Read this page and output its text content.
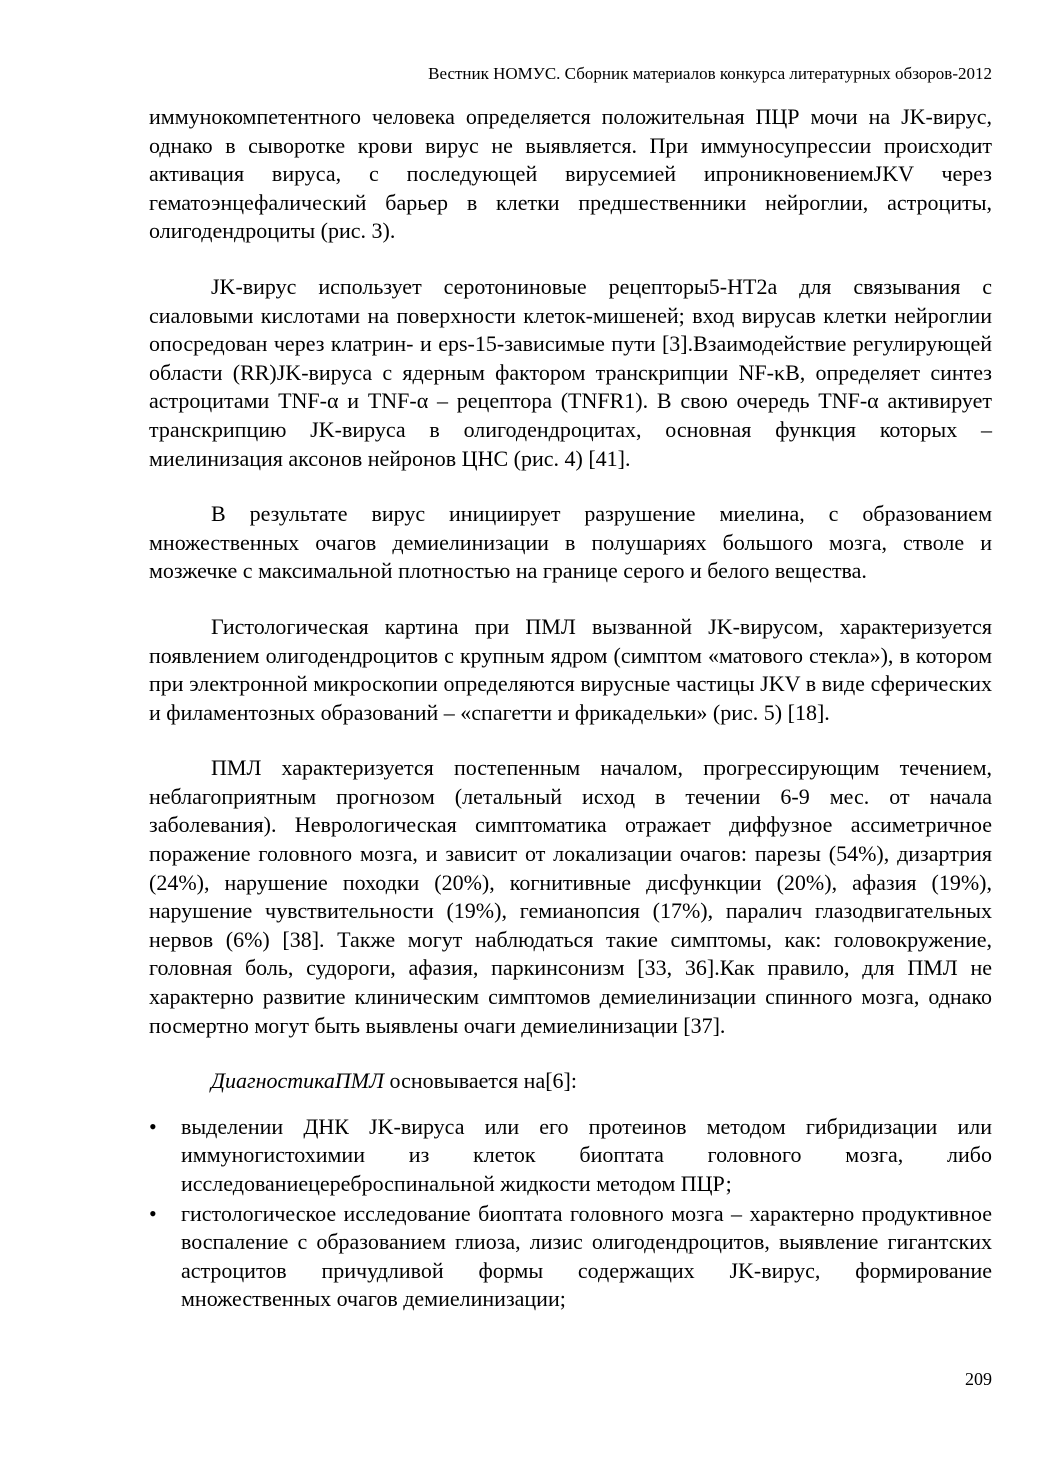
Вестник НОМУС. Сборник материалов конкурса литературных обзоров-2012

иммунокомпетентного человека определяется положительная ПЦР мочи на JK-вирус, однако в сыворотке крови вирус не выявляется. При иммуносупрессии происходит активация вируса, с последующей вирусемией ипроникновениемJKV через гематоэнцефалический барьер в клетки предшественники нейроглии, астроциты, олигодендроциты (рис. 3).

JK-вирус использует серотониновые рецепторы5-HT2a для связывания с сиаловыми кислотами на поверхности клеток-мишеней; вход вирусав клетки нейроглии опосредован через клатрин- и eps-15-зависимые пути [3].Взаимодействие регулирующей области (RR)JK-вируса с ядерным фактором транскрипции NF-κB, определяет синтез астроцитами TNF-α и TNF-α – рецептора (TNFR1). В свою очередь TNF-α активирует транскрипцию JK-вируса в олигодендроцитах, основная функция которых – миелинизация аксонов нейронов ЦНС (рис. 4) [41].

В результате вирус инициирует разрушение миелина, с образованием множественных очагов демиелинизации в полушариях большого мозга, стволе и мозжечке с максимальной плотностью на границе серого и белого вещества.

Гистологическая картина при ПМЛ вызванной JK-вирусом, характеризуется появлением олигодендроцитов с крупным ядром (симптом «матового стекла»), в котором при электронной микроскопии определяются вирусные частицы JKV в виде сферических и филаментозных образований – «спагетти и фрикадельки» (рис. 5) [18].

ПМЛ характеризуется постепенным началом, прогрессирующим течением, неблагоприятным прогнозом (летальный исход в течении 6-9 мес. от начала заболевания). Неврологическая симптоматика отражает диффузное ассиметричное поражение головного мозга, и зависит от локализации очагов: парезы (54%), дизартрия (24%), нарушение походки (20%), когнитивные дисфункции (20%), афазия (19%), нарушение чувствительности (19%), гемианопсия (17%), паралич глазодвигательных нервов (6%) [38]. Также могут наблюдаться такие симптомы, как: головокружение, головная боль, судороги, афазия, паркинсонизм [33, 36].Как правило, для ПМЛ не характерно развитие клиническим симптомов демиелинизации спинного мозга, однако посмертно могут быть выявлены очаги демиелинизации [37].

ДиагностикаПМЛ основывается на[6]:

•	выделении ДНК JK-вируса или его протеинов методом гибридизации или иммуногистохимии из клеток биоптата головного мозга, либо исследованиецереброспинальной жидкости методом ПЦР;
•	гистологическое исследование биоптата головного мозга – характерно продуктивное воспаление с образованием глиоза, лизис олигодендроцитов, выявление гигантских астроцитов причудливой формы содержащих JK-вирус, формирование множественных очагов демиелинизации;
209
